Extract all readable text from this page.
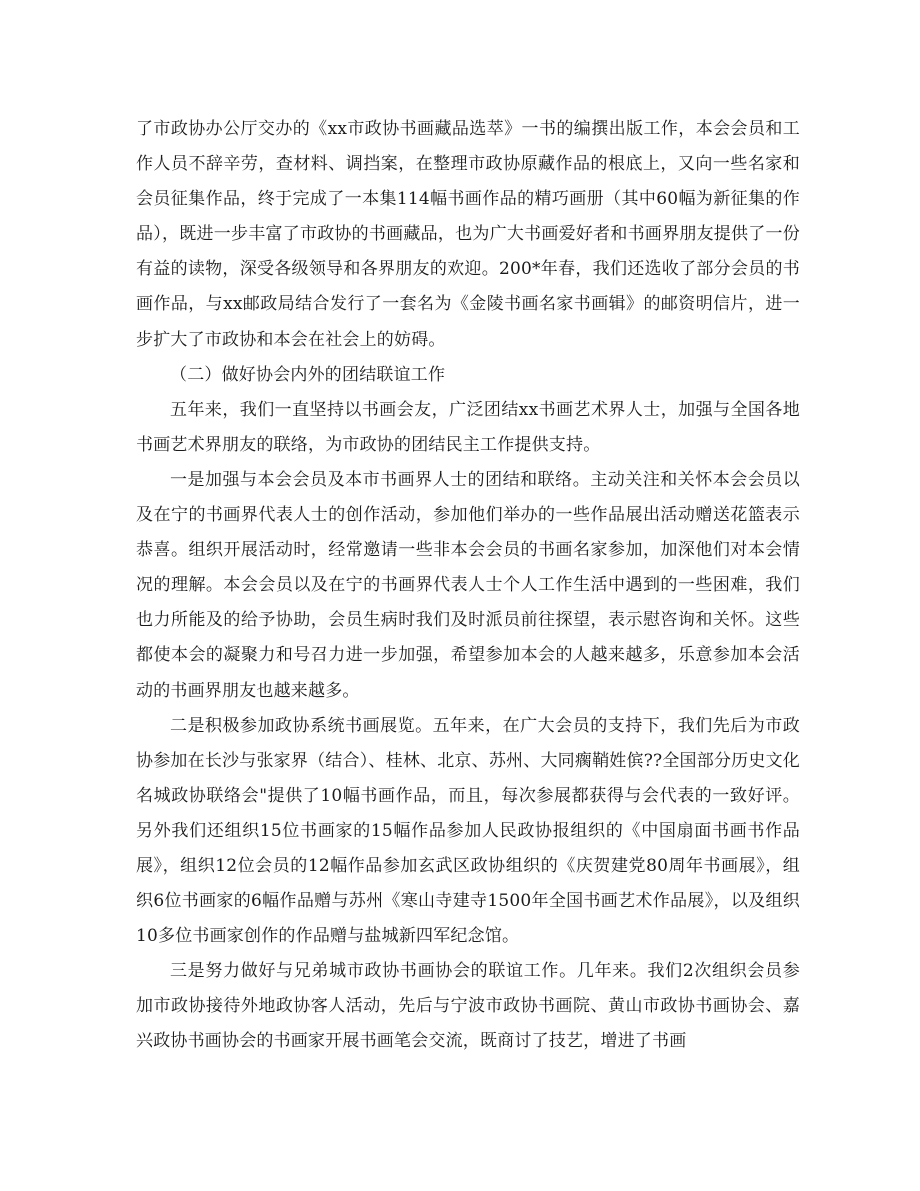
了市政协办公厅交办的《xx市政协书画藏品选萃》一书的编撰出版工作，本会会员和工作人员不辞辛劳，查材料、调挡案，在整理市政协原藏作品的根底上，又向一些名家和会员征集作品，终于完成了一本集114幅书画作品的精巧画册（其中60幅为新征集的作品），既进一步丰富了市政协的书画藏品，也为广大书画爱好者和书画界朋友提供了一份有益的读物，深受各级领导和各界朋友的欢迎。200*年春，我们还选收了部分会员的书画作品，与xx邮政局结合发行了一套名为《金陵书画名家书画辑》的邮资明信片，进一步扩大了市政协和本会在社会上的妨碍。

（二）做好协会内外的团结联谊工作

五年来，我们一直坚持以书画会友，广泛团结xx书画艺术界人士，加强与全国各地书画艺术界朋友的联络，为市政协的团结民主工作提供支持。

一是加强与本会会员及本市书画界人士的团结和联络。主动关注和关怀本会会员以及在宁的书画界代表人士的创作活动，参加他们举办的一些作品展出活动赠送花篮表示恭喜。组织开展活动时，经常邀请一些非本会会员的书画名家参加，加深他们对本会情况的理解。本会会员以及在宁的书画界代表人士个人工作生活中遇到的一些困难，我们也力所能及的给予协助，会员生病时我们及时派员前往探望，表示慰咨询和关怀。这些都使本会的凝聚力和号召力进一步加强，希望参加本会的人越来越多，乐意参加本会活动的书画界朋友也越来越多。

二是积极参加政协系统书画展览。五年来，在广大会员的支持下，我们先后为市政协参加在长沙与张家界（结合）、桂林、北京、苏州、大同瘸鞘姓傧??全国部分历史文化名城政协联络会"提供了10幅书画作品，而且，每次参展都获得与会代表的一致好评。另外我们还组织15位书画家的15幅作品参加人民政协报组织的《中国扇面书画书作品展》，组织12位会员的12幅作品参加玄武区政协组织的《庆贺建党80周年书画展》，组织6位书画家的6幅作品赠与苏州《寒山寺建寺1500年全国书画艺术作品展》，以及组织10多位书画家创作的作品赠与盐城新四军纪念馆。

三是努力做好与兄弟城市政协书画协会的联谊工作。几年来。我们2次组织会员参加市政协接待外地政协客人活动，先后与宁波市政协书画院、黄山市政协书画协会、嘉兴政协书画协会的书画家开展书画笔会交流，既商讨了技艺，增进了书画
